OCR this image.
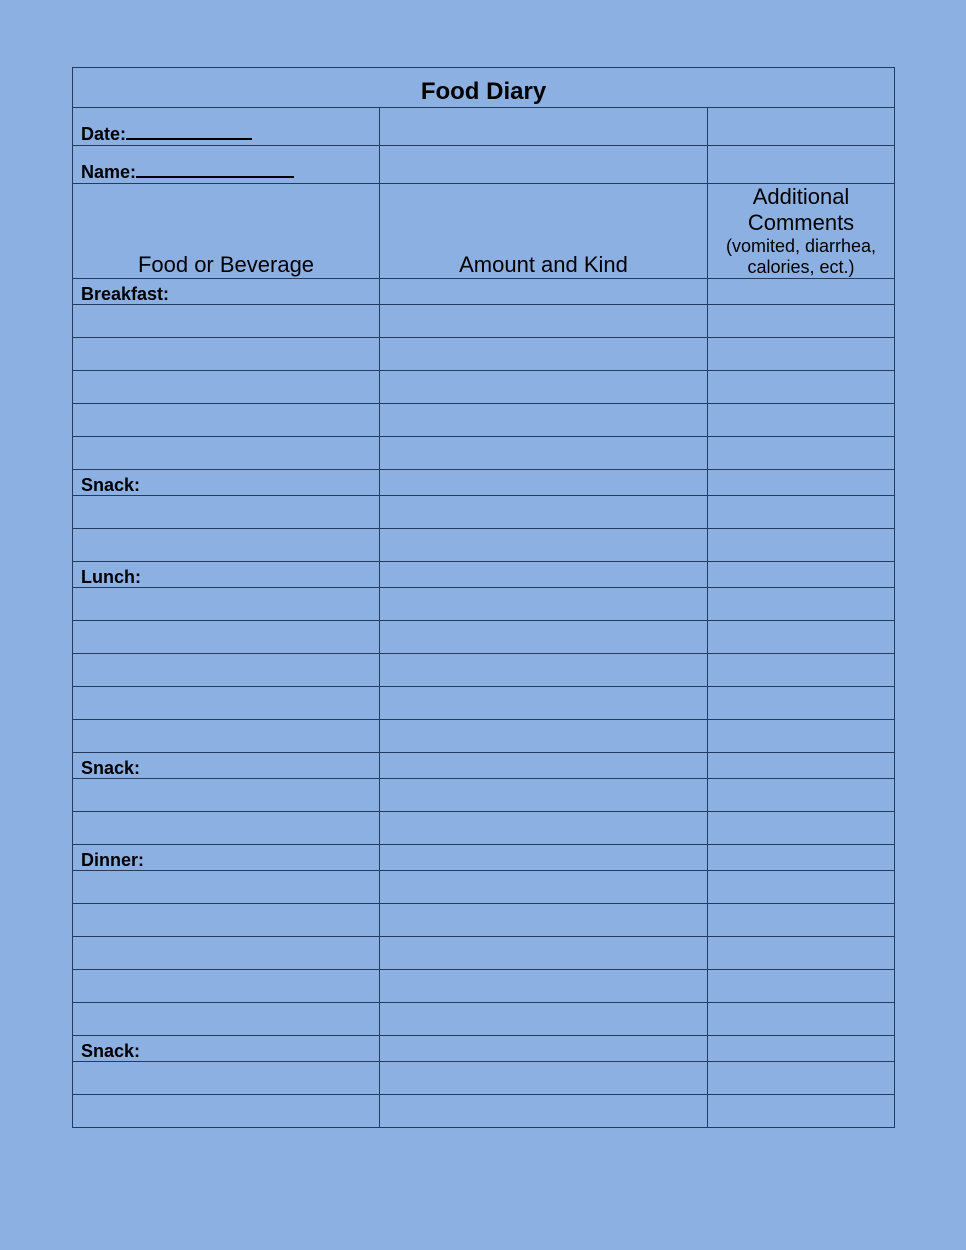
Food Diary		
Date:		
Name:		

Food or Beverage	Amount and Kind	Additional
Comments
(vomited, diarrhea,
calories, ect.)

Breakfast:		

Snack:		

Lunch:		

Snack:		

Dinner:		

Snack:		
